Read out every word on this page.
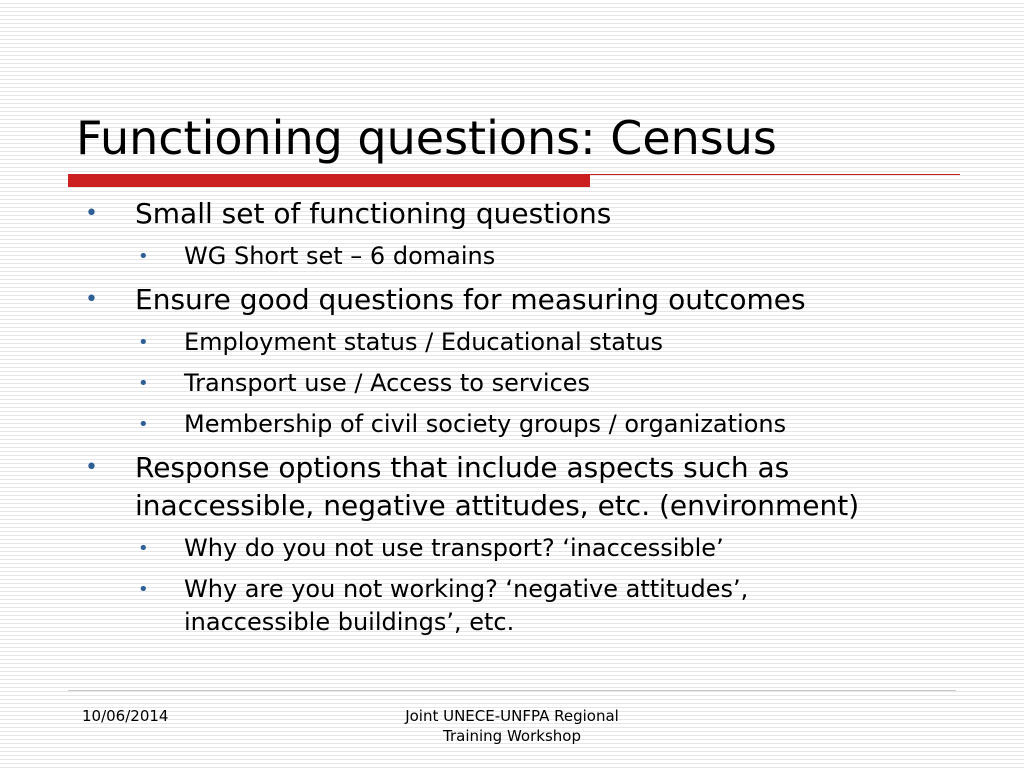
Functioning questions: Census
• Small set of functioning questions
• WG Short set – 6 domains
• Ensure good questions for measuring outcomes
• Employment status / Educational status
• Transport use / Access to services
• Membership of civil society groups / organizations
• Response options that include aspects such as
inaccessible, negative attitudes, etc. (environment)
• Why do you not use transport? ‘inaccessible’
• Why are you not working? ‘negative attitudes’,
inaccessible buildings’, etc.
10/06/2014	Joint UNECE-UNFPA Regional
Training Workshop
